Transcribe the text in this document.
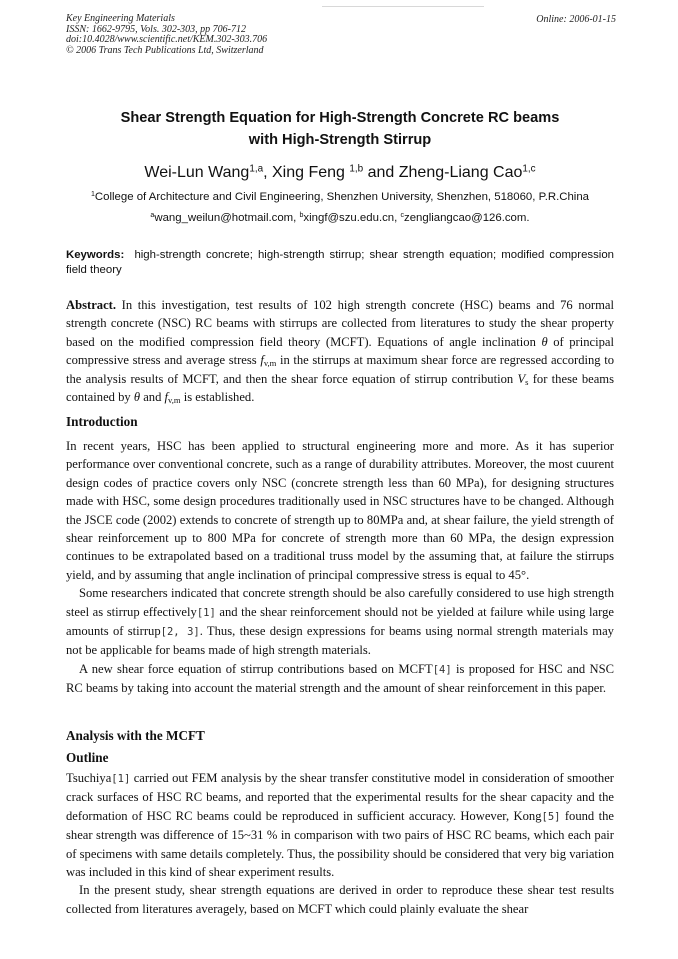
Key Engineering Materials
ISSN: 1662-9795, Vols. 302-303, pp 706-712
doi:10.4028/www.scientific.net/KEM.302-303.706
© 2006 Trans Tech Publications Ltd, Switzerland
Online: 2006-01-15
Shear Strength Equation for High-Strength Concrete RC beams
with High-Strength Stirrup
Wei-Lun Wang$^{1,a}$, Xing Feng $^{1,b}$ and Zheng-Liang Cao$^{1,c}$
$^1$College of Architecture and Civil Engineering, Shenzhen University, Shenzhen, 518060, P.R.China
$^a$wang_weilun@hotmail.com, $^b$xingf@szu.edu.cn, $^c$zengliangcao@126.com.
Keywords: high-strength concrete; high-strength stirrup; shear strength equation; modified compression field theory

Abstract. In this investigation, test results of 102 high strength concrete (HSC) beams and 76 normal strength concrete (NSC) RC beams with stirrups are collected from literatures to study the shear property based on the modified compression field theory (MCFT). Equations of angle inclination θ of principal compressive stress and average stress $f_{v,m}$ in the stirrups at maximum shear force are regressed according to the analysis results of MCFT, and then the shear force equation of stirrup contribution $V_s$ for these beams contained by θ and $f_{v,m}$ is established.

Introduction

In recent years, HSC has been applied to structural engineering more and more. As it has superior performance over conventional concrete, such as a range of durability attributes. Moreover, the most cuurent design codes of practice covers only NSC (concrete strength less than 60 MPa), for designing structures made with HSC, some design procedures traditionally used in NSC structures have to be changed. Although the JSCE code (2002) extends to concrete of strength up to 80MPa and, at shear failure, the yield strength of shear reinforcement up to 800 MPa for concrete of strength more than 60 MPa, the design expression continues to be extrapolated based on a traditional truss model by the assuming that, at failure the stirrups yield, and by assuming that angle inclination of principal compressive stress is equal to 45°.

Some researchers indicated that concrete strength should be also carefully considered to use high strength steel as stirrup effectively[1] and the shear reinforcement should not be yielded at failure while using large amounts of stirrup[2, 3]. Thus, these design expressions for beams using normal strength materials may not be applicable for beams made of high strength materials.

A new shear force equation of stirrup contributions based on MCFT[4] is proposed for HSC and NSC RC beams by taking into account the material strength and the amount of shear reinforcement in this paper.

Analysis with the MCFT
Outline

Tsuchiya[1] carried out FEM analysis by the shear transfer constitutive model in consideration of smoother crack surfaces of HSC RC beams, and reported that the experimental results for the shear capacity and the deformation of HSC RC beams could be reproduced in sufficient accuracy. However, Kong[5] found the shear strength was difference of 15~31 % in comparison with two pairs of HSC RC beams, which each pair of specimens with same details completely. Thus, the possibility should be considered that very big variation was included in this kind of shear experiment results.

In the present study, shear strength equations are derived in order to reproduce these shear test results collected from literatures averagely, based on MCFT which could plainly evaluate the shear
